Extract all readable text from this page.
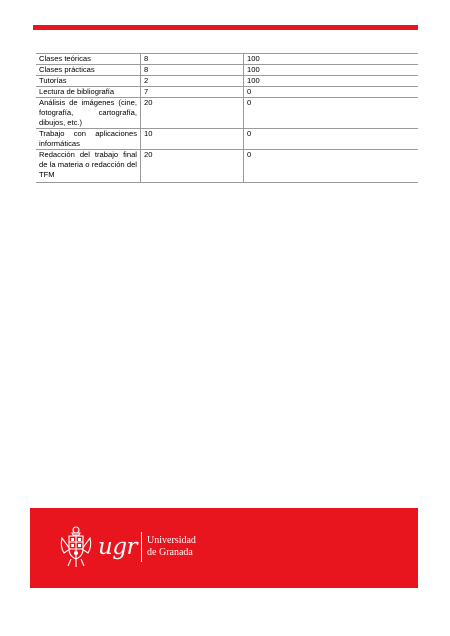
Clases teóricas	8	100
Clases prácticas	8	100
Tutorías	2	100
Lectura de bibliografía	7	0
Análisis de imágenes (cine, fotografía, cartografía, dibujos, etc.)	20	0
Trabajo con aplicaciones informáticas	10	0
Redacción del trabajo final de la materia o redacción del TFM	20	0
ugr Universidad
de Granada
